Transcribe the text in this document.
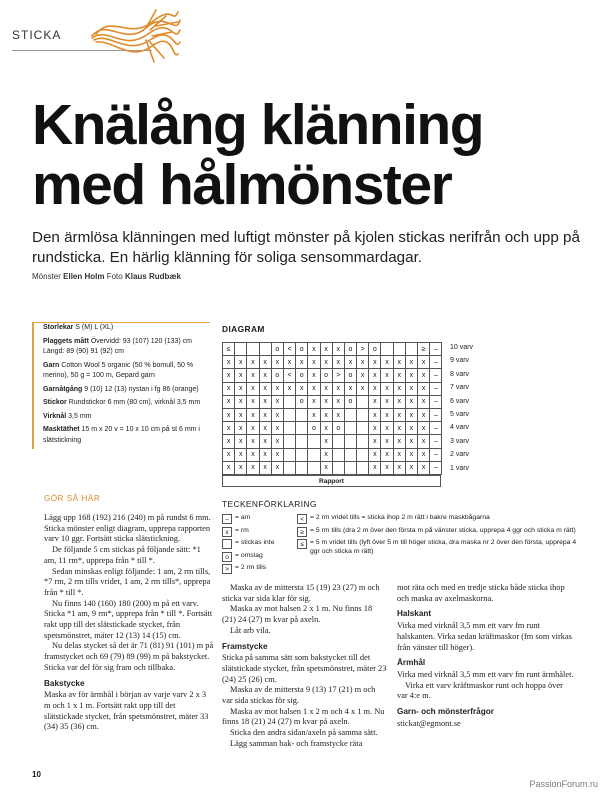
STICKA
Knälång klänning med hålmönster

Den ärmlösa klänningen med luftigt mönster på kjolen stickas nerifrån och upp på rundsticka. En härlig klänning för soliga sensommardagar.

Mönster Ellen Holm Foto Klaus Rudbæk
Storlekar S (M) L (XL)
Plaggets mått Övervidd: 93 (107) 120 (133) cm Längd: 89 (90) 91 (92) cm
Garn Cotton Wool 5 organic (50 % bomull, 50 % merino), 50 g = 100 m, Gepard garn
Garnåtgång 9 (10) 12 (13) nystan i fg 86 (orange)
Stickor Rundstickor 6 mm (80 cm), virknål 3,5 mm
Virknål 3,5 mm
Masktäthet 15 m x 20 v = 10 x 10 cm på st 6 mm i slätstickning
DIAGRAM
≤				o	<	o	x	x	x	o	>	o				≥	–
x	x	x	x	x	x	x	x	x	x	x	x	x	x	x	x	x	–
x	x	x	x	o	<	o	x	o	>	o	x	x	x	x	x	x	–
x	x	x	x	x	x	x	x	x	x	x	x	x	x	x	x	x	–
x	x	x	x	x		o	x	x	x	o		x	x	x	x	x	–
x	x	x	x	x			x	x	x			x	x	x	x	x	–
x	x	x	x	x			o	x	o			x	x	x	x	x	–
x	x	x	x	x				x				x	x	x	x	x	–
x	x	x	x	x				x				x	x	x	x	x	–
x	x	x	x	x				x				x	x	x	x	x	–
10 varv
9 varv
8 varv
7 varv
6 varv
5 varv
4 varv
3 varv
2 varv
1 varv
Rapport
TECKENFÖRKLARING
– = am
x = rm
= stickas inte
o = omslag
> = 2 rm tills
< = 2 rm vridet tills = sticka ihop 2 m rätt i bakre maskbågarna
≥ = 5 rm tills (dra 2 m över den första m på vänster sticka, upprepa 4 ggr och sticka m rätt)
≤ = 5 m vridet tills (lyft över 5 m till höger sticka, dra maska nr 2 över den första, upprepa 4 ggr och sticka m rätt)
GÖR SÅ HÄR

Lägg upp 168 (192) 216 (240) m på rundst 6 mm. Sticka mönster enligt diagram, upprepa rapporten varv 10 ggr. Fortsätt sticka slätstickning.

De följande 5 cm stickas på följande sätt: *1 am, 11 rm*, upprepa från * till *.

Sedan minskas enligt följande: 1 am, 2 rm tills, *7 rm, 2 rm tills vridet, 1 am, 2 rm tills*, upprepa från * till *.

Nu finns 140 (160) 180 (200) m på ett varv. Sticka *1 am, 9 rm*, upprepa från * till *. Fortsätt rakt upp till det slätstickade stycket, från spetsmönstret, mäter 12 (13) 14 (15) cm.

Nu delas stycket så det är 71 (81) 91 (101) m på framstycket och 69 (79) 89 (99) m på bakstycket. Sticka var del för sig fram och tillbaka.

Bakstycke

Maska av för ärmhål i början av varje varv 2 x 3 m och 1 x 1 m. Fortsätt rakt upp till det slätstickade stycket, från spetsmönstret, mäter 33 (34) 35 (36) cm.

Maska av de mittersta 15 (19) 23 (27) m och sticka var sida klar för sig.

Maska av mot halsen 2 x 1 m. Nu finns 18 (21) 24 (27) m kvar på axeln.

Låt arb vila.

Framstycke

Sticka på samma sätt som bakstycket till det slätstickade stycket, från spetsmönstret, mäter 23 (24) 25 (26) cm.

Maska av de mittersta 9 (13) 17 (21) m och var sida stickas för sig.

Maska av mot halsen 1 x 2 m och 4 x 1 m. Nu finns 18 (21) 24 (27) m kvar på axeln.

Sticka den andra sidan/axeln på samma sätt.

Lägg samman bak- och framstycke räta

mot räta och med en tredje sticka både sticka ihop och maska av axelmaskorna.

Halskant

Virka med virknål 3,5 mm ett varv fm runt halskanten. Virka sedan kräftmaskor (fm som virkas från vänster till höger).

Ärmhål

Virka med virknål 3,5 mm ett varv fm runt ärmhålet.

Virka ett varv kräftmaskor runt och hoppa över var 4:e m.

Garn- och mönsterfrågor

stickat@egmont.se

10
PassionForum.ru
